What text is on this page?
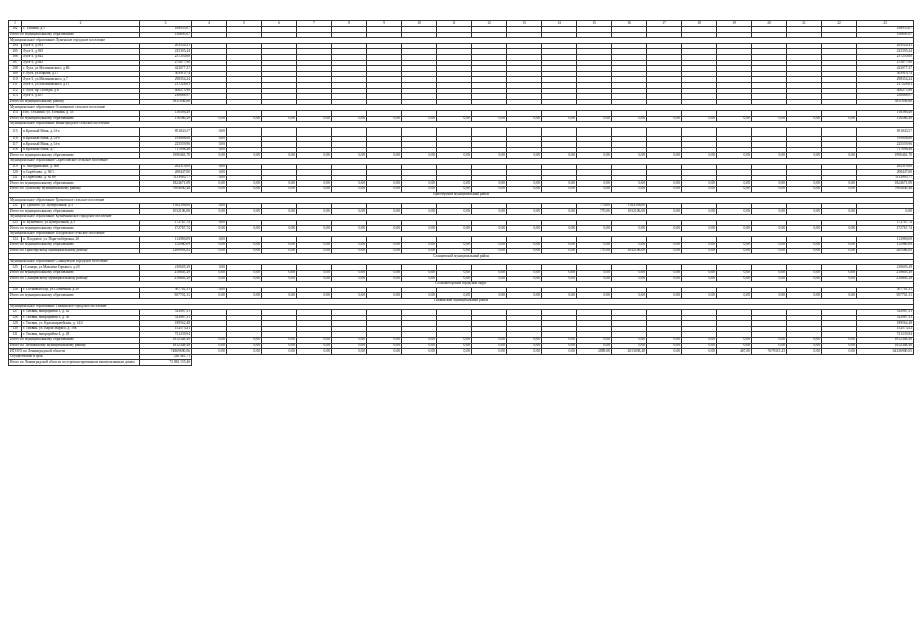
1	2	3	4	5	6	7	8	9	10	11	12	13	14	15	16	17	18	19	20	21	22	23
102	с. Тушино, д.1	188935,07																				188935,07
Итого по муниципальному образованию		138695,07																				138695,07
Муниципальное образование Луженское городское поселение																						
104	Луга-3, д.933	203524,41																				203524,41
105	Луга-3, д.935	225305,44																				225305,44
106	Луга-3, д.842	237250,00																				237250,00
107	Луга-3, д.845	275677,90																				275677,90
108	г. Луга, ул.Малиновского, д.86	423077,37																				423077,37
109	г. Луга, ул.Кирова, д.17	303910,74																				303910,74
110	Луга-3, ул.Малиновского, д.7	298354,24																				298354,24
111	Луга-3, ул.Малиновского, д.11	217228,61																				217228,61
112	г. Луга, пр. Победы, д.8	406275,90																				406275,90
113	Луга-3, д.457	230668,97																				230668,97
Итого по муниципальному району		3811036,66																				3811036,66
Муниципальное образование Осьминское сельское поселение																						
114	Пос. Осьмино, ул. Есенина, д. 53	116586,49																				116586,49
Итого по муниципальному образованию		116586,49	0,00	0,00	0,00	0,00	0,00	0,00	0,00	0,00	0,00	0,00	0,00	0,00	0,00	0,00	0,00	0,00	0,00	0,00	0,00	116586,49
Муниципальное образование Ивангородское сельское поселение																						
115	п.Красный Маяк, д.14-а	851843,57	0,00																			851843,57
116	п.Красный Маяк, д.14-б	195808,00	0,00																			195808,00
117	п.Красный Маяк, д.14-в	225559,96	0,00																			225559,96
118	п.Красный Маяк, д.7	717096,48	0,00																			717096,48
Итого по муниципальному образованию		1990463,70	0,00	0,00	0,00	0,00	0,00	0,00	0,00	0,00	0,00	0,00	0,00	0,00	0,00	0,00	0,00	0,00	0,00	0,00	0,00	1990463,70
Муниципальное образование Скребловское сельское поселение																						
119	п. Мичуринский, д. 46б	262319,00	0,00																			262319,00
120	п.Скреблово, д. 36/1	208447,00	0,00																			208447,00
121	п.Скреблово, д. № 80	1133905,77	0,00																			1133905,77
Итого по муниципальному образованию		1824671,09	0,00	0,00	0,00	0,00	0,00	0,00	0,00	0,00	0,00	0,00	0,00	0,00	0,00	0,00	0,00	0,00	0,00	0,00	0,00	1824671,09
Итого по Лужскому муниципальному району		7904030,48	0,00	0,00	0,00	0,00	0,00	0,00	0,00	0,00	0,00	0,00	0,00	0,00	0,00	0,00	0,00	0,00	0,00	0,00	0,00	7904030,48
Приозерский муниципальный район																						
Муниципальное образование Громовское сельское поселение																						
122	п. Громово, ул. Центральная, д.3	1032106,00	0,00											770,00	1032106,00							
Итого по муниципальному образованию		1032106,00	0,00	0,00	0,00	0,00	0,00	0,00	0,00	0,00	0,00	0,00	0,00	770,00	1032106,00	0,00	0,00	0,00	0,00	0,00	0,00	0,00
Муниципальное образование Кузнечнинское городское поселение																						
123	п. Кузнечное, ул.Центральная, д.3	172767,74	0,00																			172767,74
Итого по муниципальному образованию		172767,74	0,00	0,00	0,00	0,00	0,00	0,00	0,00	0,00	0,00	0,00	0,00	0,00	0,00	0,00	0,00	0,00	0,00	0,00	0,00	172767,74
Муниципальное образование Плодовское сельское поселение																						
124	п. Плодовое, ул. Парк-побережья, 20	112980,09	0,00																			112980,09
Итого по муниципальному образованию		112980,09	0,00	0,00	0,00	0,00	0,00	0,00	0,00	0,00	0,00	0,00	0,00	0,00	0,00	0,00	0,00	0,00	0,00	0,00	0,00	112980,09
Итого по Приозерскому муниципальному району		1289993,83	0,00	0,00	0,00	0,00	0,00	0,00	0,00	0,00	0,00	0,00	0,00	770,00	1032106,00	0,00	0,00	0,00	0,00	0,00	0,00	285586,83
Сланцевский муниципальный район																						
Муниципальное образование Сланцевское городское поселение																						
125	г.Сланцы, ул.Максима Горького, д.20	210605,29	0,00																			210605,29
Итого по муниципальному образованию		210605,29	0,00	0,00	0,00	0,00	0,00	0,00	0,00	0,00	0,00	0,00	0,00	0,00	0,00	0,00	0,00	0,00	0,00	0,00	0,00	210605,29
Итого по Сланцевскому муниципальному району		210605,29	0,00	0,00	0,00	0,00	0,00	0,00	0,00	0,00	0,00	0,00	0,00	0,00	0,00	0,00	0,00	0,00	0,00	0,00	0,00	210605,29
Сосновоборский городской округ																						
126	г. Сосновый Бор, ул.Солнечная, д.30	507701,31	0,00																			507701,31
Итого по муниципальному образованию		507701,31	0,00	0,00	0,00	0,00	0,00	0,00	0,00	0,00	0,00	0,00	0,00	0,00	0,00	0,00	0,00	0,00	0,00	0,00	0,00	507701,31
Тихвинский муниципальный район																						
Муниципальное образование Тихвинское городское поселение																						
127	г. Тихвин, микрорайон 1, д. 42	332987,31																				332987,31
128	г. Тихвин, микрорайон 3, д. 30	332987,31																				332987,31
129	г. Тихвин, ул. Красноармейская, д. 14/2	189562,48																				189562,48
130	г. Тихвин, ул. Карла Маркса, д. 19а	152573,41																				152573,41
131	г. Тихвин, микрорайон 4, д. 28	721239,94																				721239,94
Итого по муниципальному образованию		1812348,49	0,00	0,00	0,00	0,00	0,00	0,00	0,00	0,00	0,00	0,00	0,00	0,00	0,00	0,00	0,00	0,00	0,00	0,00	0,00	1812348,49
Итого по Тихвинскому муниципальному району		1812348,49	0,00	0,00	0,00	0,00	0,00	0,00	0,00	0,00	0,00	0,00	0,00	0,00	0,00	0,00	0,00	0,00	0,00	0,00	0,00	1812348,49
ИТОГО по Ленинградской области		74869690,06	0,00	0,00	0,00	0,00	0,00	0,00	0,00	0,00	0,00	0,00	0,00	2889,00	2013038,48	0,00	0,00	467,00	7679315,43	0,00	0,00	64336900,05
Осуществлено в срок		226 461,71																				
Итого по Ленинградской области по отремонтированным вышеуказанным домам		73 082 155,46																				
